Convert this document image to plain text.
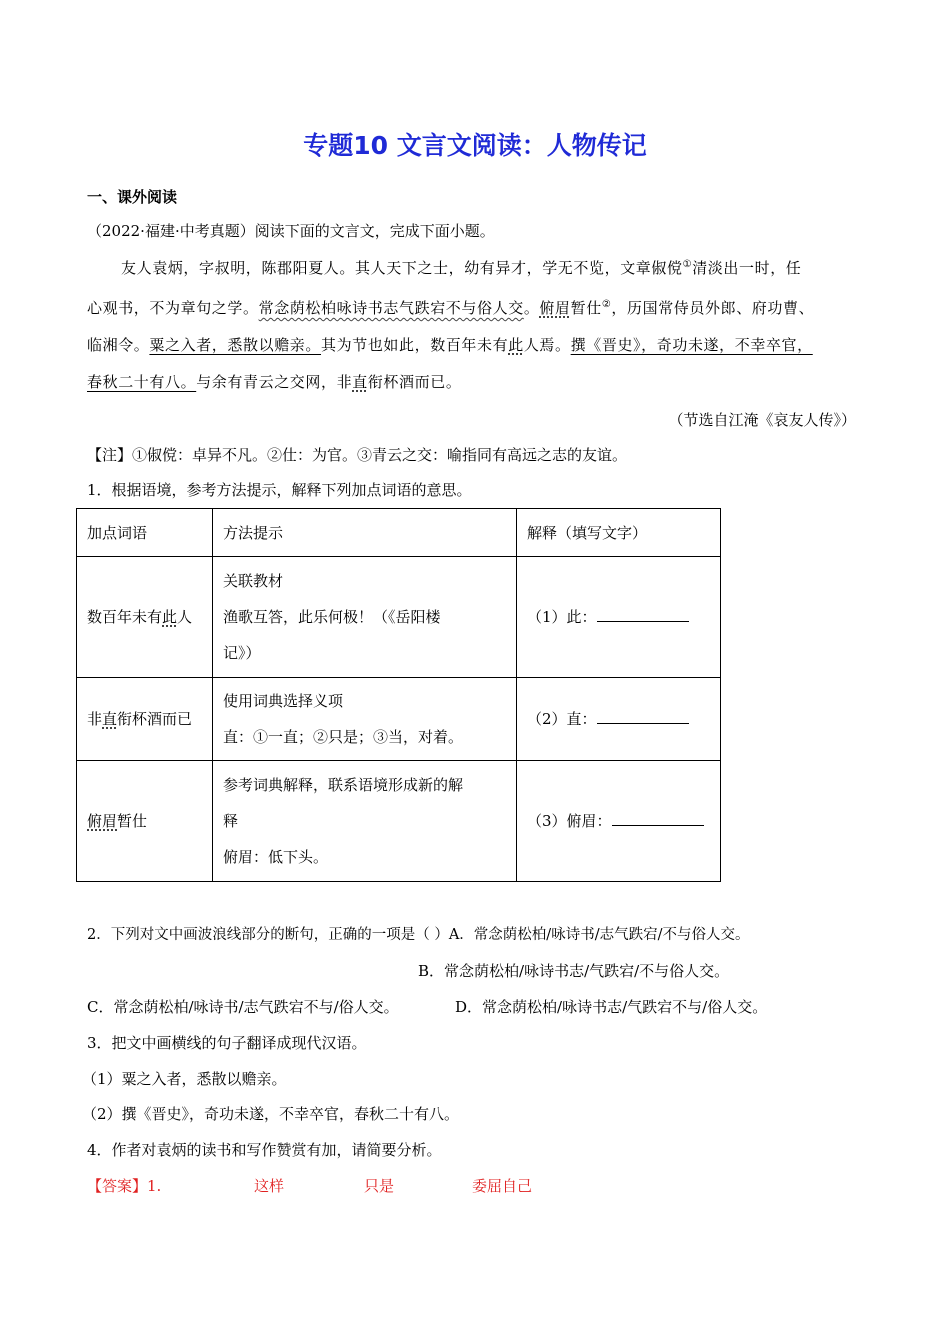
专题10 文言文阅读：人物传记
一、课外阅读
（2022·福建·中考真题）阅读下面的文言文，完成下面小题。
友人袁炳，字叔明，陈郡阳夏人。其人天下之士，幼有异才，学无不览，文章俶傥①清淡出一时，任
心观书，不为章句之学。常念荫松柏咏诗书志气跌宕不与俗人交。俯眉暂仕②，历国常侍员外郎、府功曹、
临湘令。粟之入者，悉散以赡亲。其为节也如此，数百年未有此人焉。撰《晋史》，奇功未遂，不幸卒官，
春秋二十有八。与余有青云之交网，非直衔杯酒而已。
（节选自江淹《哀友人传》）
【注】①俶傥：卓异不凡。②仕：为官。③青云之交：喻指同有高远之志的友谊。
1．根据语境，参考方法提示，解释下列加点词语的意思。
加点词语	方法提示	解释（填写文字）
数百年未有此人	关联教材
渔歌互答，此乐何极！（《岳阳楼
记》）	（1）此：
非直衔杯酒而已	使用词典选择义项
直：①一直；②只是；③当，对着。	（2）直：
俯眉暂仕	参考词典解释，联系语境形成新的解
释
俯眉：低下头。	（3）俯眉：
2．下列对文中画波浪线部分的断句，正确的一项是（ ）A．常念荫松柏/咏诗书/志气跌宕/不与俗人交。
B．常念荫松柏/咏诗书志/气跌宕/不与俗人交。
C．常念荫松柏/咏诗书/志气跌宕不与/俗人交。	D．常念荫松柏/咏诗书志/气跌宕不与/俗人交。
3．把文中画横线的句子翻译成现代汉语。
（1）粟之入者，悉散以赡亲。
（2）撰《晋史》，奇功未遂，不幸卒官，春秋二十有八。
4．作者对袁炳的读书和写作赞赏有加，请简要分析。
【答案】1.	这样	只是	委屈自己
